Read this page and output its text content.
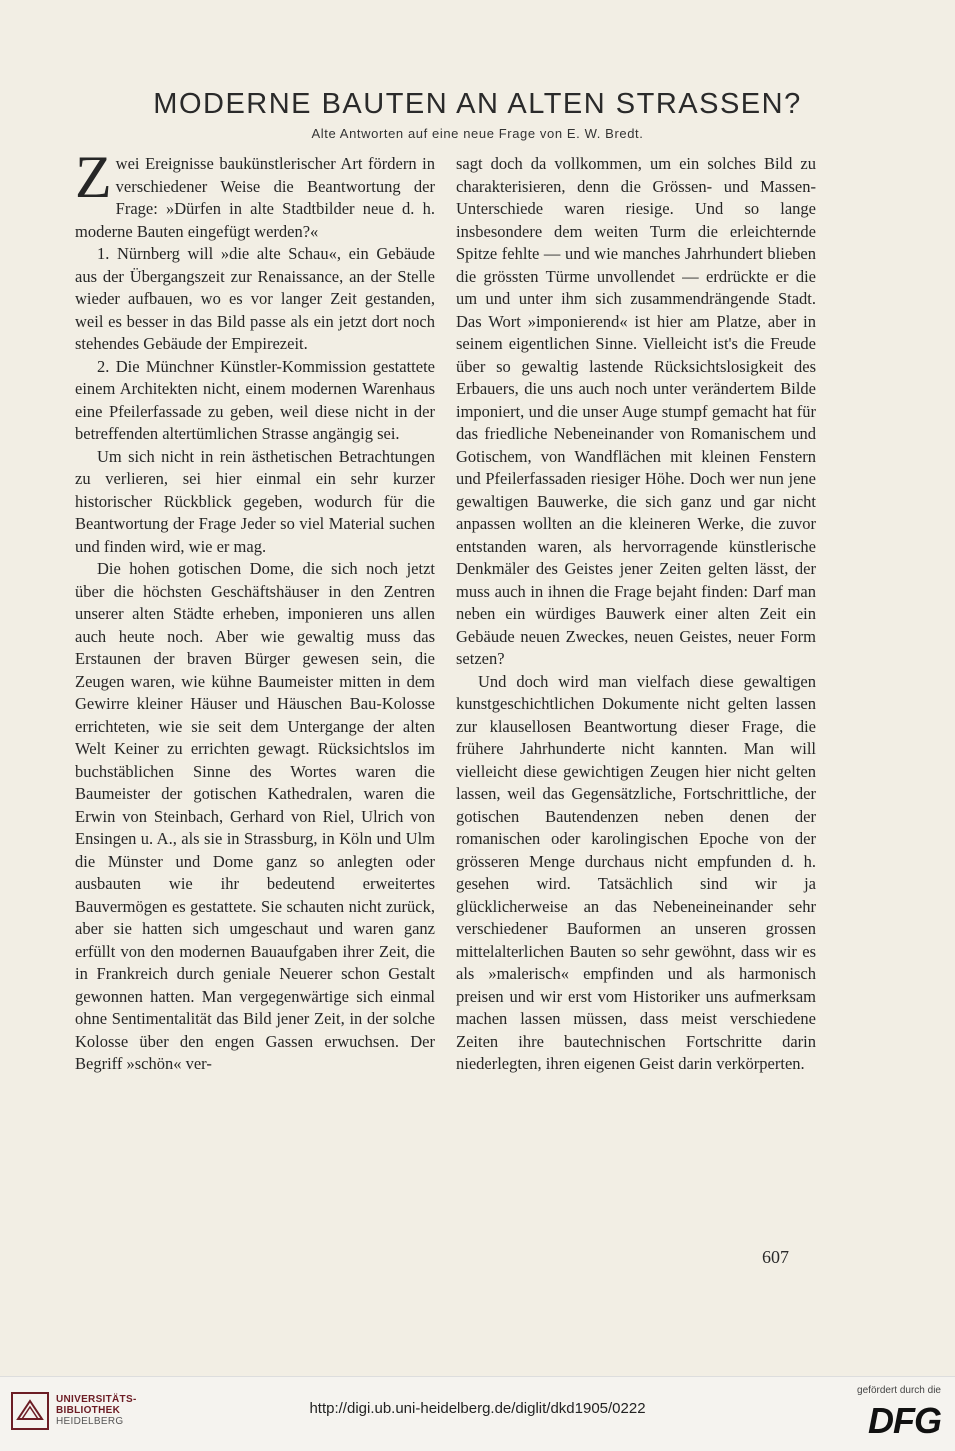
MODERNE BAUTEN AN ALTEN STRASSEN?

Alte Antworten auf eine neue Frage von E. W. Bredt.

Zwei Ereignisse baukünstlerischer Art fördern in verschiedener Weise die Beantwortung der Frage: »Dürfen in alte Stadtbilder neue d. h. moderne Bauten eingefügt werden?«

1. Nürnberg will »die alte Schau«, ein Gebäude aus der Übergangszeit zur Renaissance, an der Stelle wieder aufbauen, wo es vor langer Zeit gestanden, weil es besser in das Bild passe als ein jetzt dort noch stehendes Gebäude der Empirezeit.

2. Die Münchner Künstler-Kommission gestattete einem Architekten nicht, einem modernen Warenhaus eine Pfeilerfassade zu geben, weil diese nicht in der betreffenden altertümlichen Strasse angängig sei.

Um sich nicht in rein ästhetischen Betrachtungen zu verlieren, sei hier einmal ein sehr kurzer historischer Rückblick gegeben, wodurch für die Beantwortung der Frage Jeder so viel Material suchen und finden wird, wie er mag.

Die hohen gotischen Dome, die sich noch jetzt über die höchsten Geschäftshäuser in den Zentren unserer alten Städte erheben, imponieren uns allen auch heute noch. Aber wie gewaltig muss das Erstaunen der braven Bürger gewesen sein, die Zeugen waren, wie kühne Baumeister mitten in dem Gewirre kleiner Häuser und Häuschen Bau-Kolosse errichteten, wie sie seit dem Untergange der alten Welt Keiner zu errichten gewagt. Rücksichtslos im buchstäblichen Sinne des Wortes waren die Baumeister der gotischen Kathedralen, waren die Erwin von Steinbach, Gerhard von Riel, Ulrich von Ensingen u. A., als sie in Strassburg, in Köln und Ulm die Münster und Dome ganz so anlegten oder ausbauten wie ihr bedeutend erweitertes Bauvermögen es gestattete. Sie schauten nicht zurück, aber sie hatten sich umgeschaut und waren ganz erfüllt von den modernen Bauaufgaben ihrer Zeit, die in Frankreich durch geniale Neuerer schon Gestalt gewonnen hatten. Man vergegenwärtige sich einmal ohne Sentimentalität das Bild jener Zeit, in der solche Kolosse über den engen Gassen erwuchsen. Der Begriff »schön« ver-

sagt doch da vollkommen, um ein solches Bild zu charakterisieren, denn die Grössen- und Massen-Unterschiede waren riesige. Und so lange insbesondere dem weiten Turm die erleichternde Spitze fehlte — und wie manches Jahrhundert blieben die grössten Türme unvollendet — erdrückte er die um und unter ihm sich zusammendrängende Stadt. Das Wort »imponierend« ist hier am Platze, aber in seinem eigentlichen Sinne. Vielleicht ist's die Freude über so gewaltig lastende Rücksichtslosigkeit des Erbauers, die uns auch noch unter verändertem Bilde imponiert, und die unser Auge stumpf gemacht hat für das friedliche Nebeneinander von Romanischem und Gotischem, von Wandflächen mit kleinen Fenstern und Pfeilerfassaden riesiger Höhe. Doch wer nun jene gewaltigen Bauwerke, die sich ganz und gar nicht anpassen wollten an die kleineren Werke, die zuvor entstanden waren, als hervorragende künstlerische Denkmäler des Geistes jener Zeiten gelten lässt, der muss auch in ihnen die Frage bejaht finden: Darf man neben ein würdiges Bauwerk einer alten Zeit ein Gebäude neuen Zweckes, neuen Geistes, neuer Form setzen?

Und doch wird man vielfach diese gewaltigen kunstgeschichtlichen Dokumente nicht gelten lassen zur klausellosen Beantwortung dieser Frage, die frühere Jahrhunderte nicht kannten. Man will vielleicht diese gewichtigen Zeugen hier nicht gelten lassen, weil das Gegensätzliche, Fortschrittliche, der gotischen Bautendenzen neben denen der romanischen oder karolingischen Epoche von der grösseren Menge durchaus nicht empfunden d. h. gesehen wird. Tatsächlich sind wir ja glücklicherweise an das Nebeneineinander sehr verschiedener Bauformen an unseren grossen mittelalterlichen Bauten so sehr gewöhnt, dass wir es als »malerisch« empfinden und als harmonisch preisen und wir erst vom Historiker uns aufmerksam machen lassen müssen, dass meist verschiedene Zeiten ihre bautechnischen Fortschritte darin niederlegten, ihren eigenen Geist darin verkörperten.

607
UNIVERSITÄTS-
BIBLIOTHEK
HEIDELBERG
http://digi.ub.uni-heidelberg.de/diglit/dkd1905/0222
gefördert durch die
DFG
